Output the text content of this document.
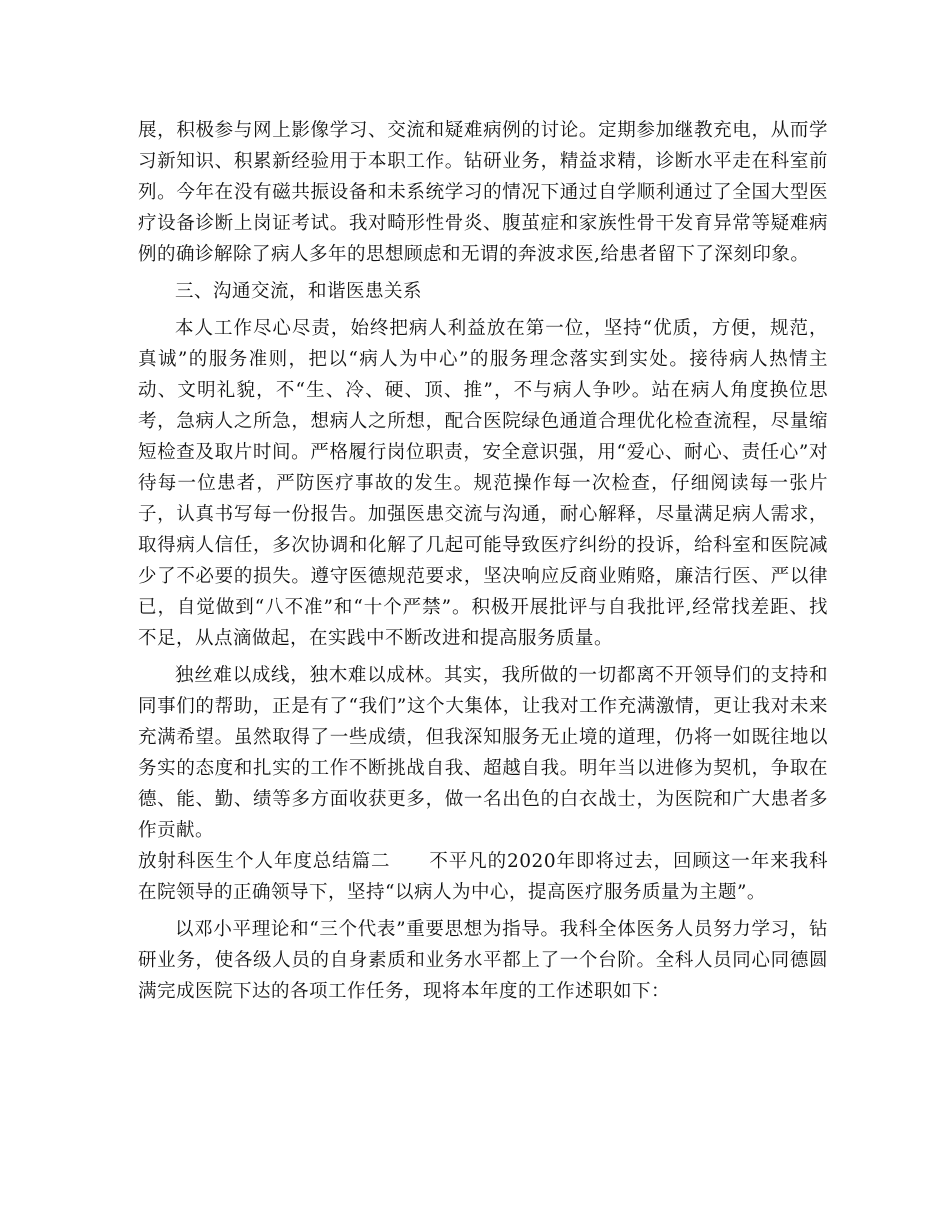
展，积极参与网上影像学习、交流和疑难病例的讨论。定期参加继教充电，从而学习新知识、积累新经验用于本职工作。钻研业务，精益求精，诊断水平走在科室前列。今年在没有磁共振设备和未系统学习的情况下通过自学顺利通过了全国大型医疗设备诊断上岗证考试。我对畸形性骨炎、腹茧症和家族性骨干发育异常等疑难病例的确诊解除了病人多年的思想顾虑和无谓的奔波求医,给患者留下了深刻印象。

三、沟通交流，和谐医患关系

本人工作尽心尽责，始终把病人利益放在第一位，坚持“优质，方便，规范，真诚”的服务准则，把以“病人为中心”的服务理念落实到实处。接待病人热情主动、文明礼貌，不“生、冷、硬、顶、推”，不与病人争吵。站在病人角度换位思考，急病人之所急，想病人之所想，配合医院绿色通道合理优化检查流程，尽量缩短检查及取片时间。严格履行岗位职责，安全意识强，用“爱心、耐心、责任心”对待每一位患者，严防医疗事故的发生。规范操作每一次检查，仔细阅读每一张片子，认真书写每一份报告。加强医患交流与沟通，耐心解释，尽量满足病人需求，取得病人信任，多次协调和化解了几起可能导致医疗纠纷的投诉，给科室和医院减少了不必要的损失。遵守医德规范要求，坚决响应反商业贿赂，廉洁行医、严以律已，自觉做到“八不准”和“十个严禁”。积极开展批评与自我批评,经常找差距、找不足，从点滴做起，在实践中不断改进和提高服务质量。

独丝难以成线，独木难以成林。其实，我所做的一切都离不开领导们的支持和同事们的帮助，正是有了“我们”这个大集体，让我对工作充满激情，更让我对未来充满希望。虽然取得了一些成绩，但我深知服务无止境的道理，仍将一如既往地以务实的态度和扎实的工作不断挑战自我、超越自我。明年当以进修为契机，争取在德、能、勤、绩等多方面收获更多，做一名出色的白衣战士，为医院和广大患者多作贡献。

放射科医生个人年度总结篇二　　不平凡的2020年即将过去，回顾这一年来我科在院领导的正确领导下，坚持“以病人为中心，提高医疗服务质量为主题”。

以邓小平理论和“三个代表”重要思想为指导。我科全体医务人员努力学习，钻研业务，使各级人员的自身素质和业务水平都上了一个台阶。全科人员同心同德圆满完成医院下达的各项工作任务，现将本年度的工作述职如下：
